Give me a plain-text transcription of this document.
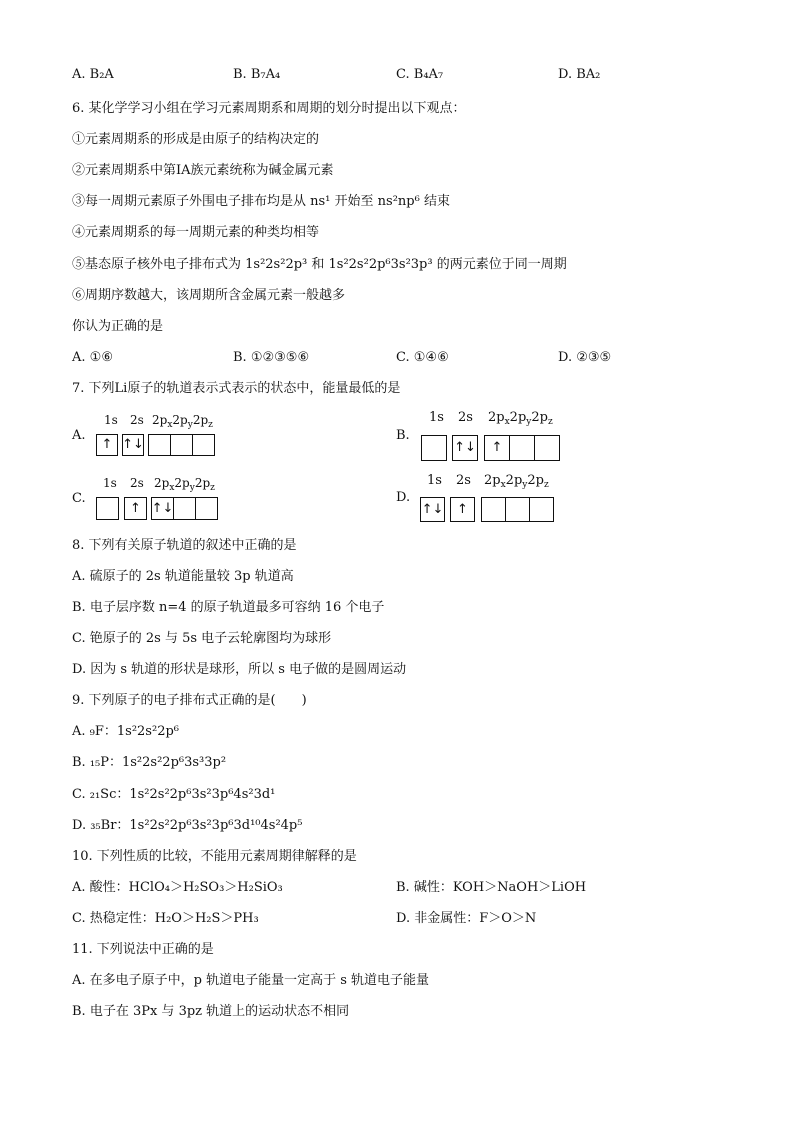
A. B₂A	B. B₇A₄	C. B₄A₇	D. BA₂
6. 某化学学习小组在学习元素周期系和周期的划分时提出以下观点：
①元素周期系的形成是由原子的结构决定的
②元素周期系中第ⅠA族元素统称为碱金属元素
③每一周期元素原子外围电子排布均是从 ns¹ 开始至 ns²np⁶ 结束
④元素周期系的每一周期元素的种类均相等
⑤基态原子核外电子排布式为 1s²2s²2p³ 和 1s²2s²2p⁶3s²3p³ 的两元素位于同一周期
⑥周期序数越大，该周期所含金属元素一般越多
你认为正确的是
A. ①⑥	B. ①②③⑤⑥	C. ①④⑥	D. ②③⑤
7. 下列Li原子的轨道表示式表示的状态中，能量最低的是
A.
1s 2s $2p_x2p_y2p_z$
↑ ↑↓
B.
1s 2s $2p_x2p_y2p_z$
↑↓ ↑
C.
1s 2s $2p_x2p_y2p_z$
↑ ↑↓
D.
1s 2s $2p_x2p_y2p_z$
↑↓ ↑
8. 下列有关原子轨道的叙述中正确的是
A. 硫原子的 2s 轨道能量较 3p 轨道高
B. 电子层序数 n=4 的原子轨道最多可容纳 16 个电子
C. 铯原子的 2s 与 5s 电子云轮廓图均为球形
D. 因为 s 轨道的形状是球形，所以 s 电子做的是圆周运动
9. 下列原子的电子排布式正确的是(　　)
A. ₉F：1s²2s²2p⁶
B. ₁₅P：1s²2s²2p⁶3s³3p²
C. ₂₁Sc：1s²2s²2p⁶3s²3p⁶4s²3d¹
D. ₃₅Br：1s²2s²2p⁶3s²3p⁶3d¹⁰4s²4p⁵
10. 下列性质的比较，不能用元素周期律解释的是
A. 酸性：HClO₄＞H₂SO₃＞H₂SiO₃	B. 碱性：KOH＞NaOH＞LiOH
C. 热稳定性：H₂O＞H₂S＞PH₃	D. 非金属性：F＞O＞N
11. 下列说法中正确的是
A. 在多电子原子中，p 轨道电子能量一定高于 s 轨道电子能量
B. 电子在 3Px 与 3pz 轨道上的运动状态不相同
